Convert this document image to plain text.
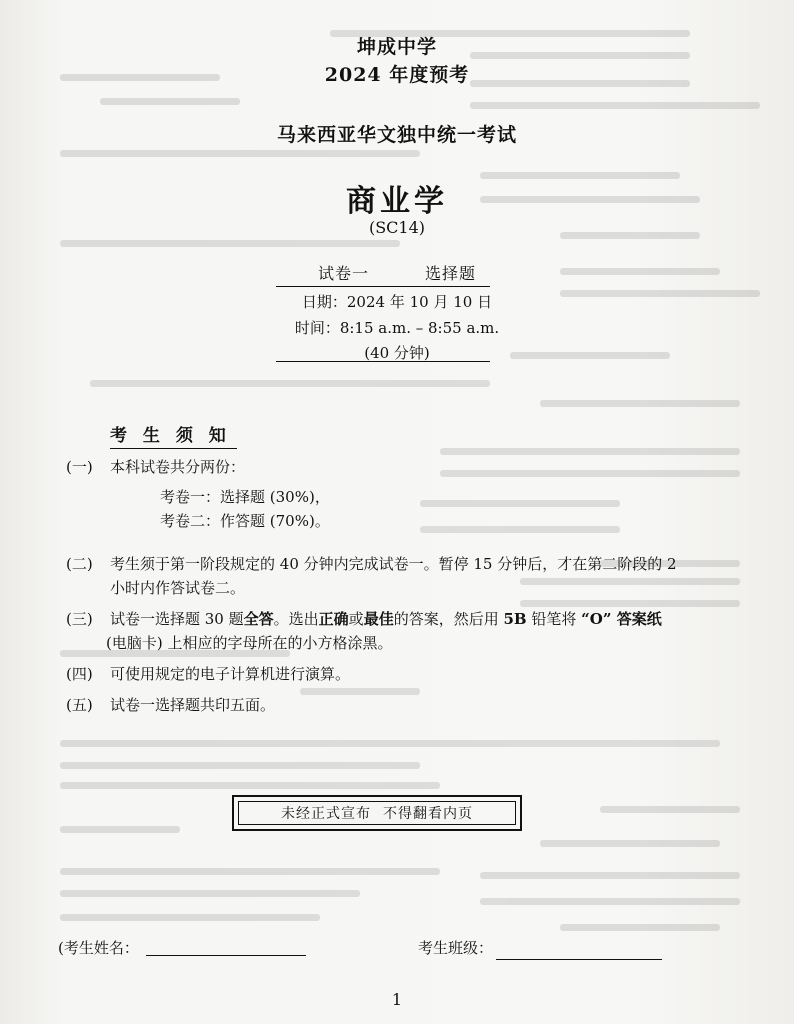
坤成中学
2024 年度预考
马来西亚华文独中统一考试
商业学
(SC14)
试卷一	选择题
日期：2024 年 10 月 10 日
时间：8:15 a.m. – 8:55 a.m.
(40 分钟)
考 生 须 知
(一) 本科试卷共分两份：
考卷一：选择题 (30%)，
考卷二：作答题 (70%)。
(二) 考生须于第一阶段规定的 40 分钟内完成试卷一。暂停 15 分钟后，才在第二阶段的 2
小时内作答试卷二。
(三) 试卷一选择题 30 题全答。选出正确或最佳的答案，然后用 5B 铅笔将 “O” 答案纸
(电脑卡) 上相应的字母所在的小方格涂黑。
(四) 可使用规定的电子计算机进行演算。
(五) 试卷一选择题共印五面。
未经正式宣布 不得翻看内页
(考生姓名：	考生班级：
1
